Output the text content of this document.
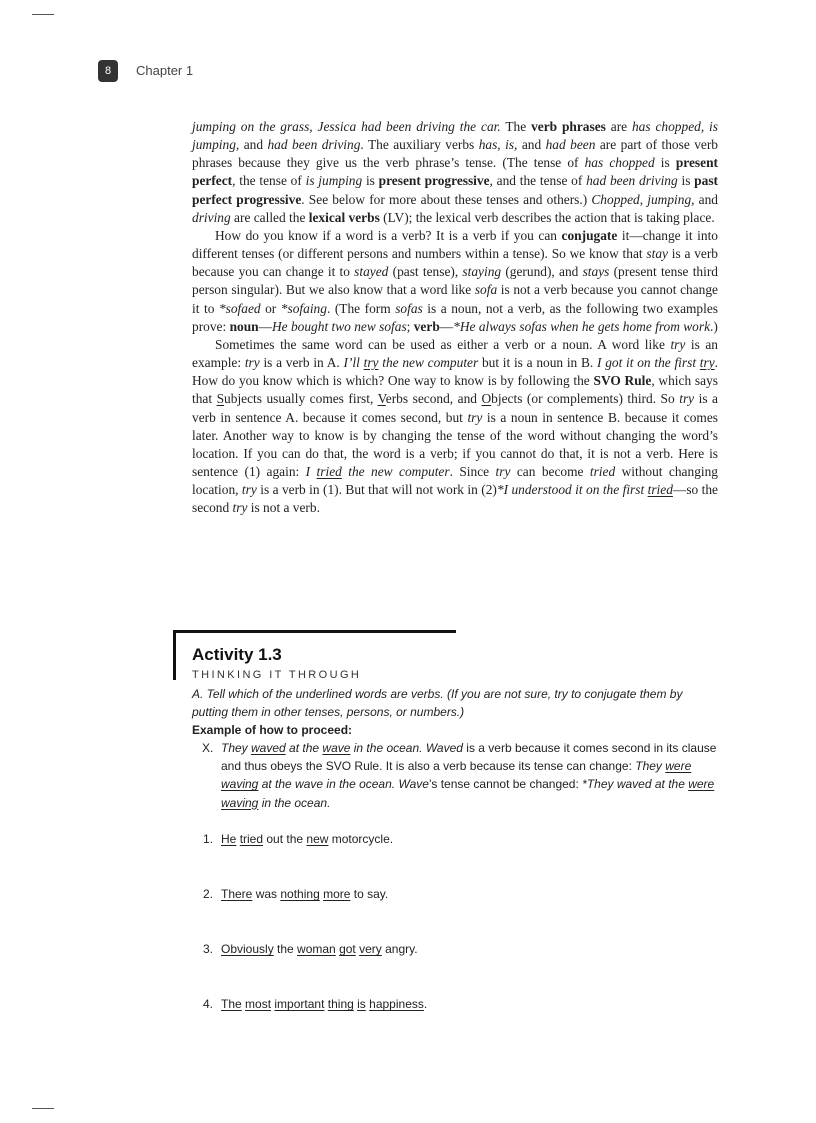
8	Chapter 1

jumping on the grass, Jessica had been driving the car. The verb phrases are has chopped, is jumping, and had been driving. The auxiliary verbs has, is, and had been are part of those verb phrases because they give us the verb phrase’s tense. (The tense of has chopped is present perfect, the tense of is jumping is present progressive, and the tense of had been driving is past perfect progressive. See below for more about these tenses and others.) Chopped, jumping, and driving are called the lexical verbs (LV); the lexical verb describes the action that is taking place.

How do you know if a word is a verb? It is a verb if you can conjugate it—change it into different tenses (or different persons and numbers within a tense). So we know that stay is a verb because you can change it to stayed (past tense), staying (gerund), and stays (present tense third person singular). But we also know that a word like sofa is not a verb because you cannot change it to *sofaed or *sofaing. (The form sofas is a noun, not a verb, as the following two examples prove: noun—He bought two new sofas; verb—*He always sofas when he gets home from work.)

Sometimes the same word can be used as either a verb or a noun. A word like try is an example: try is a verb in A. I’ll try the new computer but it is a noun in B. I got it on the first try. How do you know which is which? One way to know is by following the SVO Rule, which says that Subjects usually comes first, Verbs second, and Objects (or complements) third. So try is a verb in sentence A. because it comes second, but try is a noun in sentence B. because it comes later. Another way to know is by changing the tense of the word without changing the word’s location. If you can do that, the word is a verb; if you cannot do that, it is not a verb. Here is sentence (1) again: I tried the new computer. Since try can become tried without changing location, try is a verb in (1). But that will not work in (2)*I understood it on the first tried—so the second try is not a verb.

Activity 1.3
THINKING IT THROUGH
A. Tell which of the underlined words are verbs. (If you are not sure, try to conjugate them by putting them in other tenses, persons, or numbers.)
Example of how to proceed:
X. They waved at the wave in the ocean. Waved is a verb because it comes second in its clause and thus obeys the SVO Rule. It is also a verb because its tense can change: They were waving at the wave in the ocean. Wave’s tense cannot be changed: *They waved at the were waving in the ocean.
1. He tried out the new motorcycle.
2. There was nothing more to say.
3. Obviously the woman got very angry.
4. The most important thing is happiness.
